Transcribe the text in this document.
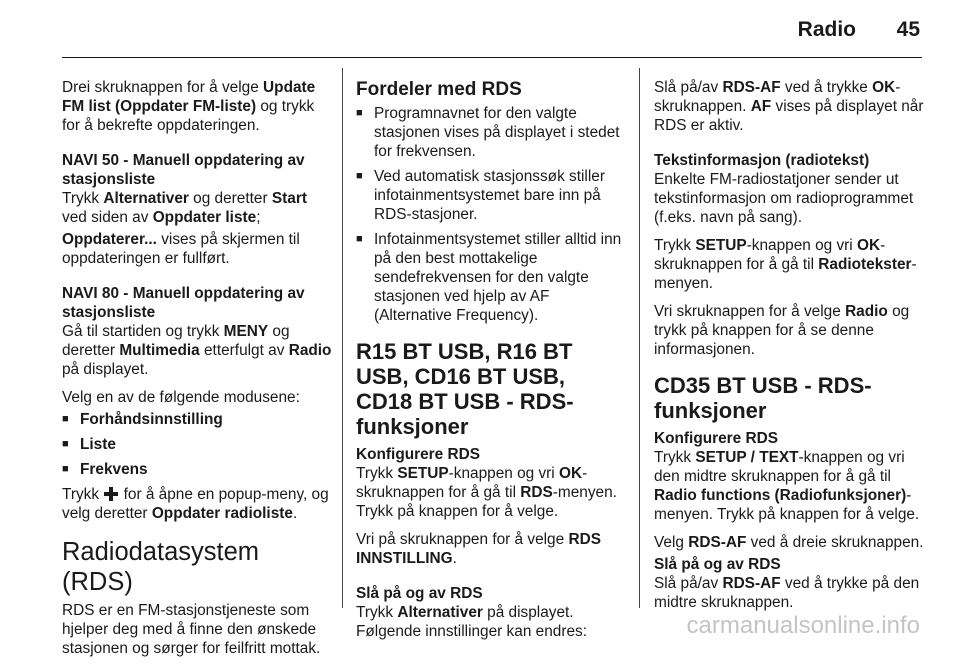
Radio 45

Drei skruknappen for å velge Update FM list (Oppdater FM-liste) og trykk for å bekrefte oppdateringen.

NAVI 50 - Manuell oppdatering av stasjonsliste

Trykk Alternativer og deretter Start ved siden av Oppdater liste;

Oppdaterer... vises på skjermen til oppdateringen er fullført.

NAVI 80 - Manuell oppdatering av stasjonsliste

Gå til startiden og trykk MENY og deretter Multimedia etterfulgt av Radio på displayet.

Velg en av de følgende modusene:

■ Forhåndsinnstilling

■ Liste

■ Frekvens

Trykk  for å åpne en popup-meny, og velg deretter Oppdater radioliste.

Radiodatasystem (RDS)

RDS er en FM-stasjonstjeneste som hjelper deg med å finne den ønskede stasjonen og sørger for feilfritt mottak.

Fordeler med RDS

■ Programnavnet for den valgte stasjonen vises på displayet i stedet for frekvensen.

■ Ved automatisk stasjonssøk stiller infotainmentsystemet bare inn på RDS-stasjoner.

■ Infotainmentsystemet stiller alltid inn på den best mottakelige sendefrekvensen for den valgte stasjonen ved hjelp av AF (Alternative Frequency).

R15 BT USB, R16 BT USB, CD16 BT USB, CD18 BT USB - RDS-funksjoner

Konfigurere RDS

Trykk SETUP-knappen og vri OK-skruknappen for å gå til RDS-menyen. Trykk på knappen for å velge.

Vri på skruknappen for å velge RDS INNSTILLING.

Slå på og av RDS

Trykk Alternativer på displayet. Følgende innstillinger kan endres:

Slå på/av RDS-AF ved å trykke OK-skruknappen. AF vises på displayet når RDS er aktiv.

Tekstinformasjon (radiotekst)

Enkelte FM-radiostatjoner sender ut tekstinformasjon om radioprogrammet (f.eks. navn på sang).

Trykk SETUP-knappen og vri OK-skruknappen for å gå til Radiotekster-menyen.

Vri skruknappen for å velge Radio og trykk på knappen for å se denne informasjonen.

CD35 BT USB - RDS-funksjoner

Konfigurere RDS

Trykk SETUP / TEXT-knappen og vri den midtre skruknappen for å gå til Radio functions (Radiofunksjoner)-menyen. Trykk på knappen for å velge.

Velg RDS-AF ved å dreie skruknappen.

Slå på og av RDS

Slå på/av RDS-AF ved å trykke på den midtre skruknappen.

carmanualsonline.info
